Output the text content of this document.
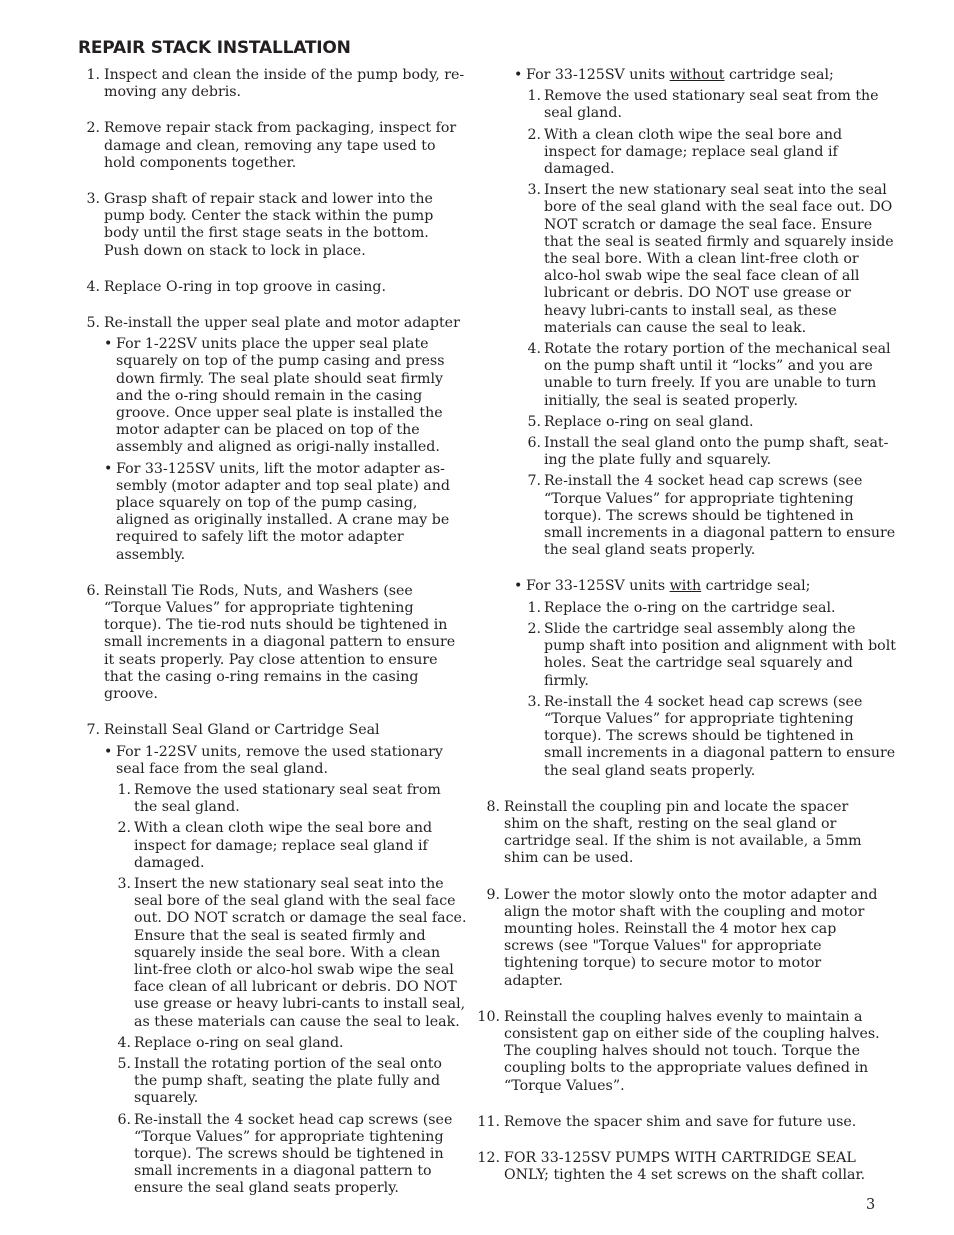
REPAIR STACK INSTALLATION
1. Inspect and clean the inside of the pump body, re-moving any debris.
2. Remove repair stack from packaging, inspect for damage and clean, removing any tape used to hold components together.
3. Grasp shaft of repair stack and lower into the pump body. Center the stack within the pump body until the first stage seats in the bottom. Push down on stack to lock in place.
4. Replace O-ring in top groove in casing.
5. Re-install the upper seal plate and motor adapter
• For 1-22SV units place the upper seal plate squarely on top of the pump casing and press down firmly. The seal plate should seat firmly and the o-ring should remain in the casing groove. Once upper seal plate is installed the motor adapter can be placed on top of the assembly and aligned as origi-nally installed.
• For 33-125SV units, lift the motor adapter as-sembly (motor adapter and top seal plate) and place squarely on top of the pump casing, aligned as originally installed. A crane may be required to safely lift the motor adapter assembly.
6. Reinstall Tie Rods, Nuts, and Washers (see “Torque Values” for appropriate tightening torque). The tie-rod nuts should be tightened in small increments in a diagonal pattern to ensure it seats properly. Pay close attention to ensure that the casing o-ring remains in the casing groove.
7. Reinstall Seal Gland or Cartridge Seal
• For 1-22SV units, remove the used stationary seal face from the seal gland.
1. Remove the used stationary seal seat from the seal gland.
2. With a clean cloth wipe the seal bore and inspect for damage; replace seal gland if damaged.
3. Insert the new stationary seal seat into the seal bore of the seal gland with the seal face out. DO NOT scratch or damage the seal face. Ensure that the seal is seated firmly and squarely inside the seal bore. With a clean lint-free cloth or alco-hol swab wipe the seal face clean of all lubricant or debris. DO NOT use grease or heavy lubri-cants to install seal, as these materials can cause the seal to leak.
4. Replace o-ring on seal gland.
5. Install the rotating portion of the seal onto the pump shaft, seating the plate fully and squarely.
6. Re-install the 4 socket head cap screws (see “Torque Values” for appropriate tightening torque). The screws should be tightened in small increments in a diagonal pattern to ensure the seal gland seats properly.
• For 33-125SV units without cartridge seal;
1. Remove the used stationary seal seat from the seal gland.
2. With a clean cloth wipe the seal bore and inspect for damage; replace seal gland if damaged.
3. Insert the new stationary seal seat into the seal bore of the seal gland with the seal face out. DO NOT scratch or damage the seal face. Ensure that the seal is seated firmly and squarely inside the seal bore. With a clean lint-free cloth or alco-hol swab wipe the seal face clean of all lubricant or debris. DO NOT use grease or heavy lubri-cants to install seal, as these materials can cause the seal to leak.
4. Rotate the rotary portion of the mechanical seal on the pump shaft until it “locks” and you are unable to turn freely. If you are unable to turn initially, the seal is seated properly.
5. Replace o-ring on seal gland.
6. Install the seal gland onto the pump shaft, seat-ing the plate fully and squarely.
7. Re-install the 4 socket head cap screws (see “Torque Values” for appropriate tightening torque). The screws should be tightened in small increments in a diagonal pattern to ensure the seal gland seats properly.
• For 33-125SV units with cartridge seal;
1. Replace the o-ring on the cartridge seal.
2. Slide the cartridge seal assembly along the pump shaft into position and alignment with bolt holes. Seat the cartridge seal squarely and firmly.
3. Re-install the 4 socket head cap screws (see “Torque Values” for appropriate tightening torque). The screws should be tightened in small increments in a diagonal pattern to ensure the seal gland seats properly.
8. Reinstall the coupling pin and locate the spacer shim on the shaft, resting on the seal gland or cartridge seal. If the shim is not available, a 5mm shim can be used.
9. Lower the motor slowly onto the motor adapter and align the motor shaft with the coupling and motor mounting holes. Reinstall the 4 motor hex cap screws (see "Torque Values" for appropriate tightening torque) to secure motor to motor adapter.
10. Reinstall the coupling halves evenly to maintain a consistent gap on either side of the coupling halves. The coupling halves should not touch. Torque the coupling bolts to the appropriate values defined in “Torque Values”.
11. Remove the spacer shim and save for future use.
12. FOR 33-125SV PUMPS WITH CARTRIDGE SEAL ONLY; tighten the 4 set screws on the shaft collar.
3
